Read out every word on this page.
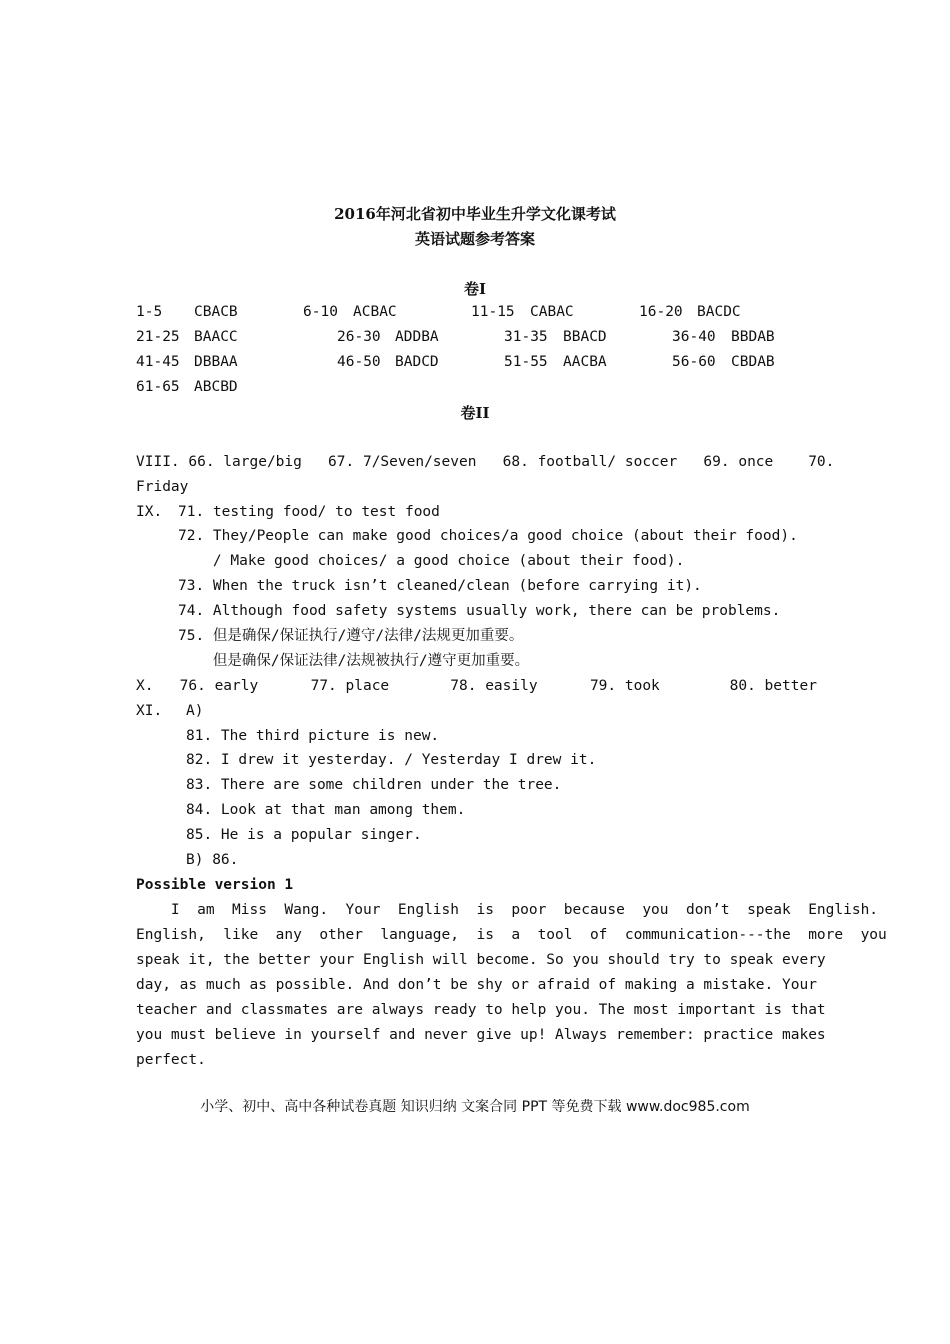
2016年河北省初中毕业生升学文化课考试
英语试题参考答案
卷Ⅰ
1-5 CBACB	6-10 ACBAC	11-15 CABAC	16-20 BACDC
21-25 BAACC	26-30 ADDBA	31-35 BBACD	36-40 BBDAB
41-45 DBBAA	46-50 BADCD	51-55 AACBA	56-60 CBDAB
61-65 ABCBD
卷II
VIII. 66. large/big   67. 7/Seven/seven   68. football/ soccer   69. once    70.
Friday
IX. 71. testing food/ to test food
72. They/People can make good choices/a good choice (about their food).
/ Make good choices/ a good choice (about their food).
73. When the truck isn’t cleaned/clean (before carrying it).
74. Although food safety systems usually work, there can be problems.
75. 但是确保/保证执行/遵守/法律/法规更加重要。
但是确保/保证法律/法规被执行/遵守更加重要。
X.   76. early      77. place       78. easily      79. took        80. better
XI. A)
81. The third picture is new.
82. I drew it yesterday. / Yesterday I drew it.
83. There are some children under the tree.
84. Look at that man among them.
85. He is a popular singer.
B) 86.
Possible version 1
I  am  Miss  Wang.  Your  English  is  poor  because  you  don’t  speak  English.
English,  like  any  other  language,  is  a  tool  of  communication---the  more  you
speak it, the better your English will become. So you should try to speak every
day, as much as possible. And don’t be shy or afraid of making a mistake. Your
teacher and classmates are always ready to help you. The most important is that
you must believe in yourself and never give up! Always remember: practice makes
perfect.
小学、初中、高中各种试卷真题 知识归纳 文案合同 PPT 等免费下载 www.doc985.com
